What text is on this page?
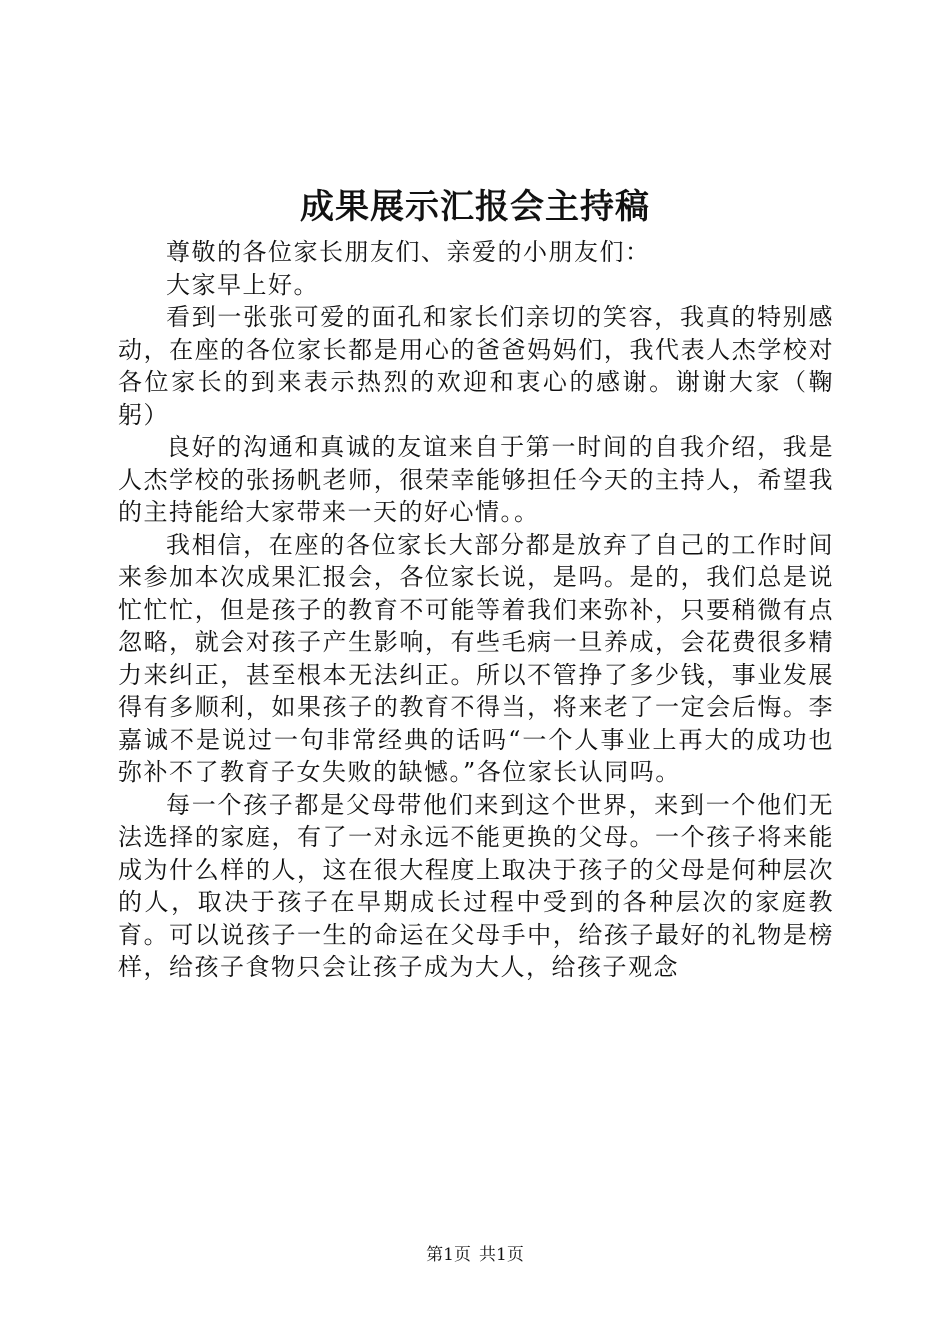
成果展示汇报会主持稿

尊敬的各位家长朋友们、亲爱的小朋友们：

大家早上好。

看到一张张可爱的面孔和家长们亲切的笑容，我真的特别感动，在座的各位家长都是用心的爸爸妈妈们，我代表人杰学校对各位家长的到来表示热烈的欢迎和衷心的感谢。谢谢大家（鞠躬）

良好的沟通和真诚的友谊来自于第一时间的自我介绍，我是人杰学校的张扬帆老师，很荣幸能够担任今天的主持人，希望我的主持能给大家带来一天的好心情。。

我相信，在座的各位家长大部分都是放弃了自己的工作时间来参加本次成果汇报会，各位家长说，是吗。是的，我们总是说忙忙忙，但是孩子的教育不可能等着我们来弥补，只要稍微有点忽略，就会对孩子产生影响，有些毛病一旦养成，会花费很多精力来纠正，甚至根本无法纠正。所以不管挣了多少钱，事业发展得有多顺利，如果孩子的教育不得当，将来老了一定会后悔。李嘉诚不是说过一句非常经典的话吗“一个人事业上再大的成功也弥补不了教育子女失败的缺憾。”各位家长认同吗。

每一个孩子都是父母带他们来到这个世界，来到一个他们无法选择的家庭，有了一对永远不能更换的父母。一个孩子将来能成为什么样的人，这在很大程度上取决于孩子的父母是何种层次的人，取决于孩子在早期成长过程中受到的各种层次的家庭教育。可以说孩子一生的命运在父母手中，给孩子最好的礼物是榜样，给孩子食物只会让孩子成为大人，给孩子观念

第1页 共1页
